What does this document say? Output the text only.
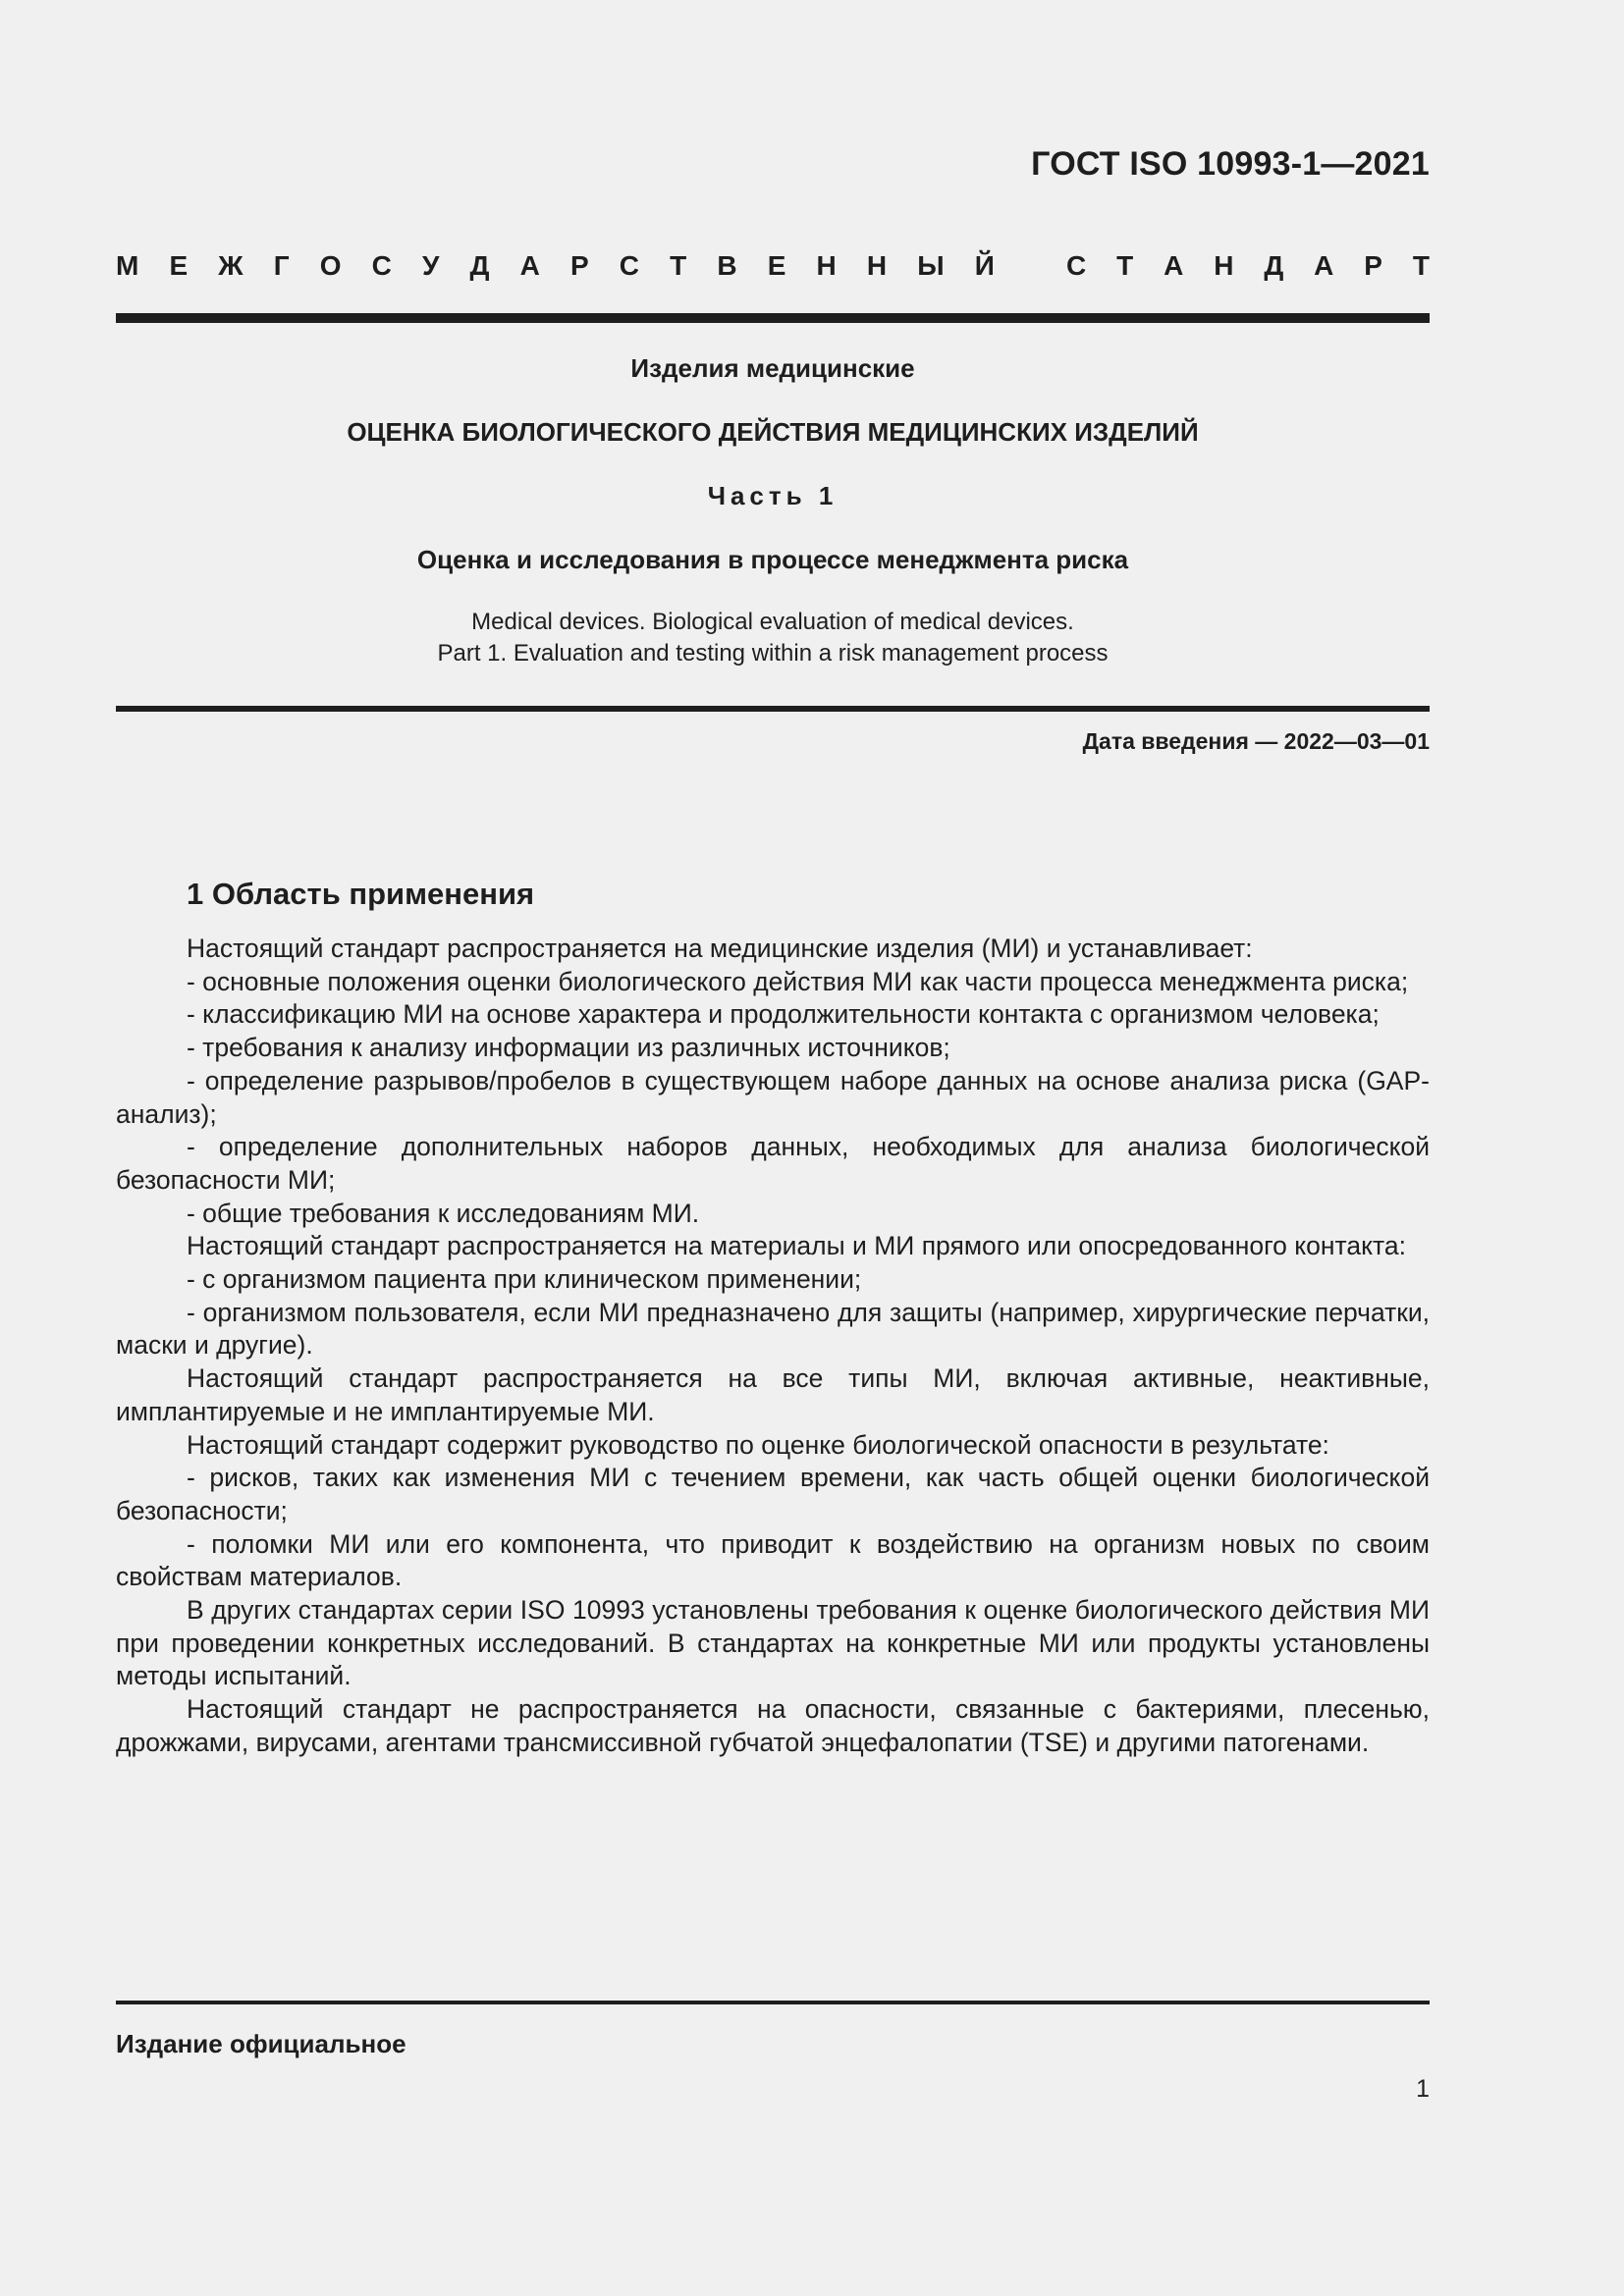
ГОСТ ISO 10993-1—2021
М Е Ж Г О С У Д А Р С Т В Е Н Н Ы Й	С Т А Н Д А Р Т
Изделия медицинские
ОЦЕНКА БИОЛОГИЧЕСКОГО ДЕЙСТВИЯ МЕДИЦИНСКИХ ИЗДЕЛИЙ
Часть 1
Оценка и исследования в процессе менеджмента риска
Medical devices. Biological evaluation of medical devices.
Part 1. Evaluation and testing within a risk management process
Дата введения — 2022—03—01
1 Область применения

Настоящий стандарт распространяется на медицинские изделия (МИ) и устанавливает:

- основные положения оценки биологического действия МИ как части процесса менеджмента риска;

- классификацию МИ на основе характера и продолжительности контакта с организмом человека;

- требования к анализу информации из различных источников;

- определение разрывов/пробелов в существующем наборе данных на основе анализа риска (GAP-анализ);

- определение дополнительных наборов данных, необходимых для анализа биологической безопасности МИ;

- общие требования к исследованиям МИ.

Настоящий стандарт распространяется на материалы и МИ прямого или опосредованного контакта:

- с организмом пациента при клиническом применении;

- организмом пользователя, если МИ предназначено для защиты (например, хирургические перчатки, маски и другие).

Настоящий стандарт распространяется на все типы МИ, включая активные, неактивные, имплантируемые и не имплантируемые МИ.

Настоящий стандарт содержит руководство по оценке биологической опасности в результате:

- рисков, таких как изменения МИ с течением времени, как часть общей оценки биологической безопасности;

- поломки МИ или его компонента, что приводит к воздействию на организм новых по своим свойствам материалов.

В других стандартах серии ISO 10993 установлены требования к оценке биологического действия МИ при проведении конкретных исследований. В стандартах на конкретные МИ или продукты установлены методы испытаний.

Настоящий стандарт не распространяется на опасности, связанные с бактериями, плесенью, дрожжами, вирусами, агентами трансмиссивной губчатой энцефалопатии (TSE) и другими патогенами.

Издание официальное
1
